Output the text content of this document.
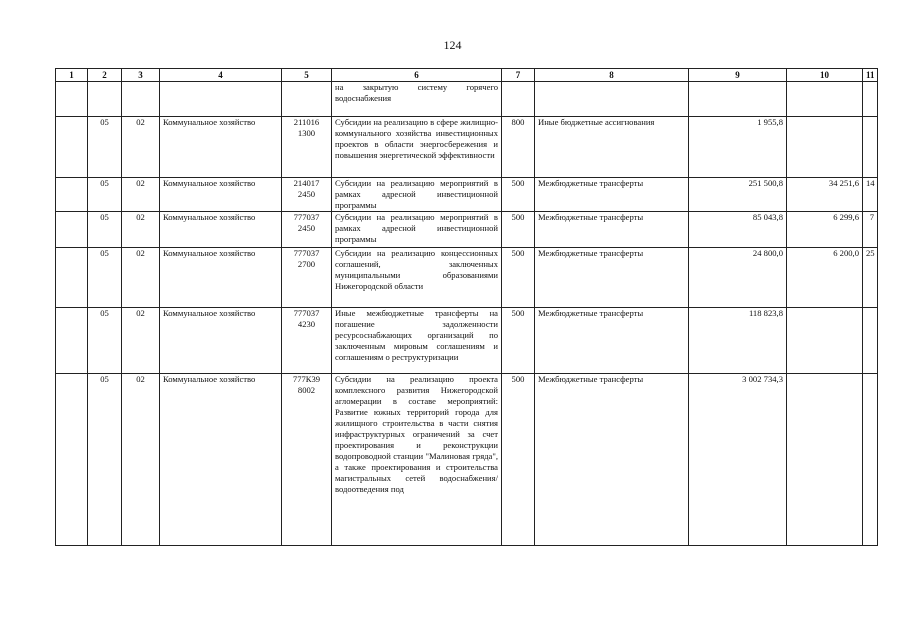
124
1	2	3	4	5	6	7	8	9	10	11
					на закрытую систему горячего водоснабжения					
	05	02	Коммунальное хозяйство	211016 1300	Субсидии на реализацию в сфере жилищно-коммунального хозяйства инвестиционных проектов в области энергосбережения и повышения энергетической эффективности	800	Иные бюджетные ассигнования	1 955,8		
	05	02	Коммунальное хозяйство	214017 2450	Субсидии на реализацию мероприятий в рамках адресной инвестиционной программы	500	Межбюджетные трансферты	251 500,8	34 251,6	14
	05	02	Коммунальное хозяйство	777037 2450	Субсидии на реализацию мероприятий в рамках адресной инвестиционной программы	500	Межбюджетные трансферты	85 043,8	6 299,6	7
	05	02	Коммунальное хозяйство	777037 2700	Субсидии на реализацию концессионных соглашений, заключенных муниципальными образованиями Нижегородской области	500	Межбюджетные трансферты	24 800,0	6 200,0	25
	05	02	Коммунальное хозяйство	777037 4230	Иные межбюджетные трансферты на погашение задолженности ресурсоснабжающих организаций по заключенным мировым соглашениям и соглашениям о реструктуризации	500	Межбюджетные трансферты	118 823,8		
	05	02	Коммунальное хозяйство	777К39 8002	Субсидии на реализацию проекта комплексного развития Нижегородской агломерации в составе мероприятий: Развитие южных территорий города для жилищного строительства в части снятия инфраструктурных ограничений за счет проектирования и реконструкции водопроводной станции "Малиновая гряда", а также проектирования и строительства магистральных сетей водоснабжения/водоотведения под	500	Межбюджетные трансферты	3 002 734,3		
